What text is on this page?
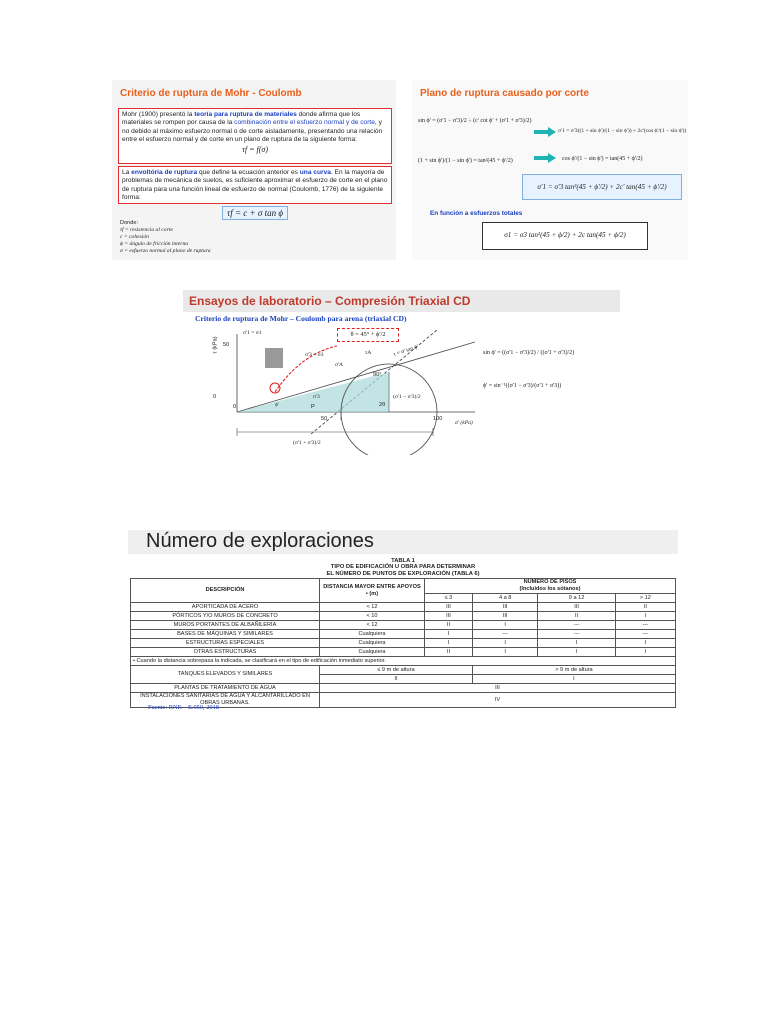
Criterio de ruptura de Mohr - Coulomb
Mohr (1900) presentó la teoría para ruptura de materiales donde afirma que los materiales se rompen por causa de la combinación entre el esfuerzo normal y de corte, y no debido al máximo esfuerzo normal o de corte aisladamente, presentando una relación entre el esfuerzo normal y de corte en un plano de ruptura de la siguiente forma:
τf = f(σ)
La envoltória de ruptura que define la ecuación anterior es una curva. En la mayoría de problemas de mecánica de suelos, es suficiente aproximar el esfuerzo de corte en el plano de ruptura para una función lineal de esfuerzo de normal (Coulomb, 1776) de la siguiente forma:
τf = c + σ tan ϕ
Donde:
τf = resistencia al corte
c = cohesión
ϕ = ángulo de fricción interna
σ = esfuerzo normal al plano de ruptura
Plano de ruptura causado por corte
sin ϕ' = (σ'1 − σ'3)/2 ÷ (c' cot ϕ' + (σ'1 + σ'3)/2)
σ'1 = σ'3((1 + sin ϕ')/(1 − sin ϕ')) + 2c'(cos ϕ'/(1 − sin ϕ'))
(1 + sin ϕ')/(1 − sin ϕ') = tan²(45 + ϕ'/2)	cos ϕ'/(1 − sin ϕ') = tan(45 + ϕ'/2)
σ'1 = σ'3 tan²(45 + ϕ'/2) + 2c' tan(45 + ϕ'/2)
En función a esfuerzos totales
σ1 = σ3 tan²(45 + ϕ/2) + 2c tan(45 + ϕ/2)
Ensayos de laboratorio – Compresión Triaxial CD
Criterio de ruptura de Mohr – Coulomb para arena (triaxial CD)
θ = 45° + ϕ'/2
τ (kPa) 50
0
0
50	100
σ' (kPa)
σ'1 = σ1
σ'3 = σ3	τA
σ'A
τ = σ' tan ϕ'
90°
ϕ'	P
(σ'1 − σ'3)/2
2θ
σ'3
(σ'1 + σ'3)/2
sin ϕ' = ((σ'1 − σ'3)/2) / ((σ'1 + σ'3)/2)
ϕ' = sin⁻¹((σ'1 − σ'3)/(σ'1 + σ'3))
Número de exploraciones
TABLA 1
TIPO DE EDIFICACIÓN U OBRA PARA DETERMINAR
EL NÚMERO DE PUNTOS DE EXPLORACIÓN (TABLA 6)
DESCRIPCIÓN	DISTANCIA MAYOR ENTRE APOYOS • (m)	NÚMERO DE PISOS
(Incluidos los sótanos)			

		≤ 3	4 a 8	9 a 12	> 12
APORTICADA DE ACERO	< 12	III	III	III	II
PÓRTICOS Y/O MUROS DE CONCRETO	< 10	III	III	II	I
MUROS PORTANTES DE ALBAÑILERÍA	< 12	II	I	---	---
BASES DE MÁQUINAS Y SIMILARES	Cualquiera	I	---	---	---
ESTRUCTURAS ESPECIALES	Cualquiera	I	I	I	I
OTRAS ESTRUCTURAS	Cualquiera	II	I	I	I
• Cuando la distancia sobrepasa la indicada, se clasificará en el tipo de edificación inmediato superior.					
TANQUES ELEVADOS Y SIMILARES	≤ 9 m de altura		> 9 m de altura		
	II		I		
PLANTAS DE TRATAMIENTO DE AGUA	III				
INSTALACIONES SANITARIAS DE AGUA Y ALCANTARILLADO EN OBRAS URBANAS.	IV				
Fuente: RNE – E.050, 2018
